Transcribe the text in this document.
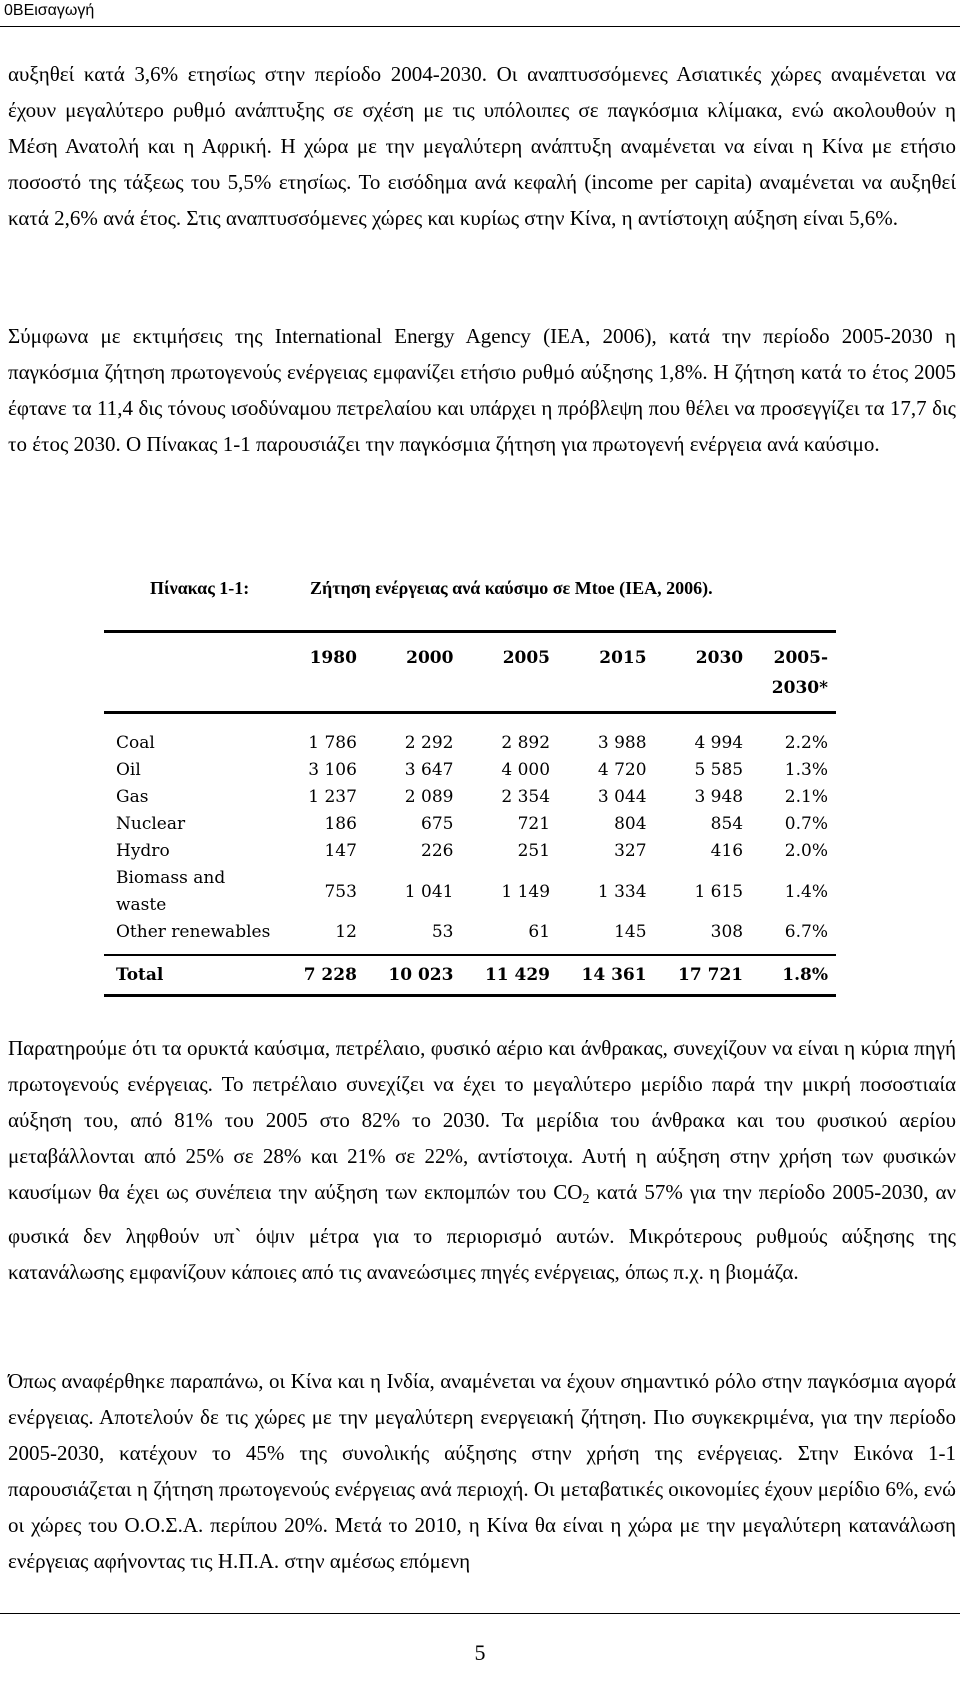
0BΕισαγωγή

αυξηθεί κατά 3,6% ετησίως στην περίοδο 2004-2030. Οι αναπτυσσόμενες Ασιατικές χώρες αναμένεται να έχουν μεγαλύτερο ρυθμό ανάπτυξης σε σχέση με τις υπόλοιπες σε παγκόσμια κλίμακα, ενώ ακολουθούν η Μέση Ανατολή και η Αφρική. Η χώρα με την μεγαλύτερη ανάπτυξη αναμένεται να είναι η Κίνα με ετήσιο ποσοστό της τάξεως του 5,5% ετησίως. Το εισόδημα ανά κεφαλή (income per capita) αναμένεται να αυξηθεί κατά 2,6% ανά έτος. Στις αναπτυσσόμενες χώρες και κυρίως στην Κίνα, η αντίστοιχη αύξηση είναι 5,6%.

Σύμφωνα με εκτιμήσεις της International Energy Agency (IEA, 2006), κατά την περίοδο 2005-2030 η παγκόσμια ζήτηση πρωτογενούς ενέργειας εμφανίζει ετήσιο ρυθμό αύξησης 1,8%. Η ζήτηση κατά το έτος 2005 έφτανε τα 11,4 δις τόνους ισοδύναμου πετρελαίου και υπάρχει η πρόβλεψη που θέλει να προσεγγίζει τα 17,7 δις το έτος 2030. Ο Πίνακας 1-1 παρουσιάζει την παγκόσμια ζήτηση για πρωτογενή ενέργεια ανά καύσιμο.

Πίνακας 1-1:	Ζήτηση ενέργειας ανά καύσιμο σε Mtoe (IEA, 2006).
	1980	2000	2005	2015	2030	2005-
2030*
Coal	1 786	2 292	2 892	3 988	4 994	2.2%
Oil	3 106	3 647	4 000	4 720	5 585	1.3%
Gas	1 237	2 089	2 354	3 044	3 948	2.1%
Nuclear	186	675	721	804	854	0.7%
Hydro	147	226	251	327	416	2.0%
Biomass and waste	753	1 041	1 149	1 334	1 615	1.4%
Other renewables	12	53	61	145	308	6.7%
Total	7 228	10 023	11 429	14 361	17 721	1.8%

Παρατηρούμε ότι τα ορυκτά καύσιμα, πετρέλαιο, φυσικό αέριο και άνθρακας, συνεχίζουν να είναι η κύρια πηγή πρωτογενούς ενέργειας. Το πετρέλαιο συνεχίζει να έχει το μεγαλύτερο μερίδιο παρά την μικρή ποσοστιαία αύξηση του, από 81% του 2005 στο 82% το 2030. Τα μερίδια του άνθρακα και του φυσικού αερίου μεταβάλλονται από 25% σε 28% και 21% σε 22%, αντίστοιχα. Αυτή η αύξηση στην χρήση των φυσικών καυσίμων θα έχει ως συνέπεια την αύξηση των εκπομπών του CO2 κατά 57% για την περίοδο 2005-2030, αν φυσικά δεν ληφθούν υπ` όψιν μέτρα για το περιορισμό αυτών. Μικρότερους ρυθμούς αύξησης της κατανάλωσης εμφανίζουν κάποιες από τις ανανεώσιμες πηγές ενέργειας, όπως π.χ. η βιομάζα.

Όπως αναφέρθηκε παραπάνω, οι Κίνα και η Ινδία, αναμένεται να έχουν σημαντικό ρόλο στην παγκόσμια αγορά ενέργειας. Αποτελούν δε τις χώρες με την μεγαλύτερη ενεργειακή ζήτηση. Πιο συγκεκριμένα, για την περίοδο 2005-2030, κατέχουν το 45% της συνολικής αύξησης στην χρήση της ενέργειας. Στην Εικόνα 1-1 παρουσιάζεται η ζήτηση πρωτογενούς ενέργειας ανά περιοχή. Οι μεταβατικές οικονομίες έχουν μερίδιο 6%, ενώ οι χώρες του Ο.Ο.Σ.Α. περίπου 20%. Μετά το 2010, η Κίνα θα είναι η χώρα με την μεγαλύτερη κατανάλωση ενέργειας αφήνοντας τις Η.Π.Α. στην αμέσως επόμενη

5
